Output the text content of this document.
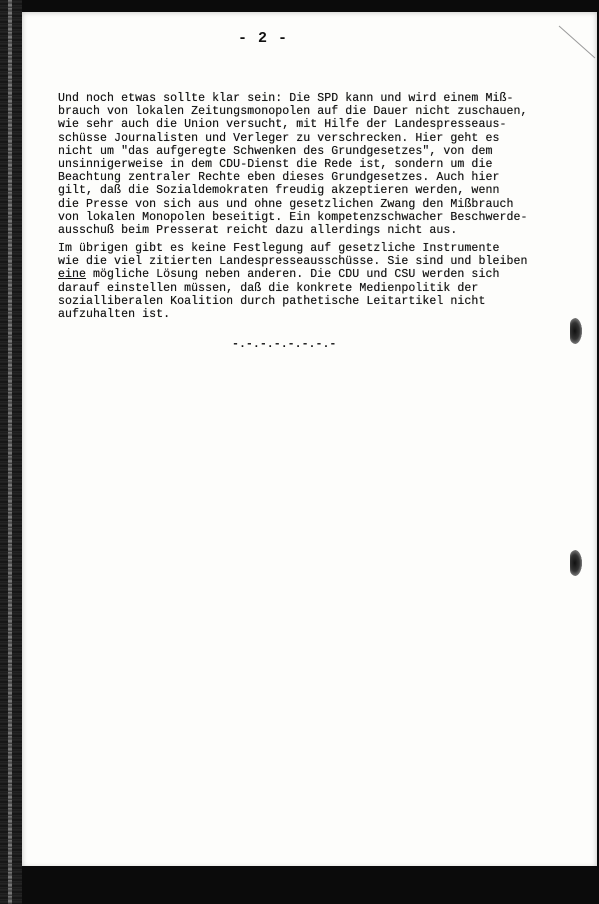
- 2 -
Und noch etwas sollte klar sein: Die SPD kann und wird einem Miß-
brauch von lokalen Zeitungsmonopolen auf die Dauer nicht zuschauen,
wie sehr auch die Union versucht, mit Hilfe der Landespresseaus-
schüsse Journalisten und Verleger zu verschrecken. Hier geht es
nicht um "das aufgeregte Schwenken des Grundgesetzes", von dem
unsinnigerweise in dem CDU-Dienst die Rede ist, sondern um die
Beachtung zentraler Rechte eben dieses Grundgesetzes. Auch hier
gilt, daß die Sozialdemokraten freudig akzeptieren werden, wenn
die Presse von sich aus und ohne gesetzlichen Zwang den Mißbrauch
von lokalen Monopolen beseitigt. Ein kompetenzschwacher Beschwerde-
ausschuß beim Presserat reicht dazu allerdings nicht aus.
Im übrigen gibt es keine Festlegung auf gesetzliche Instrumente
wie die viel zitierten Landespresseausschüsse. Sie sind und bleiben
eine mögliche Lösung neben anderen. Die CDU und CSU werden sich
darauf einstellen müssen, daß die konkrete Medienpolitik der
sozialliberalen Koalition durch pathetische Leitartikel nicht
aufzuhalten ist.
-.-.-.-.-.-.-.-
